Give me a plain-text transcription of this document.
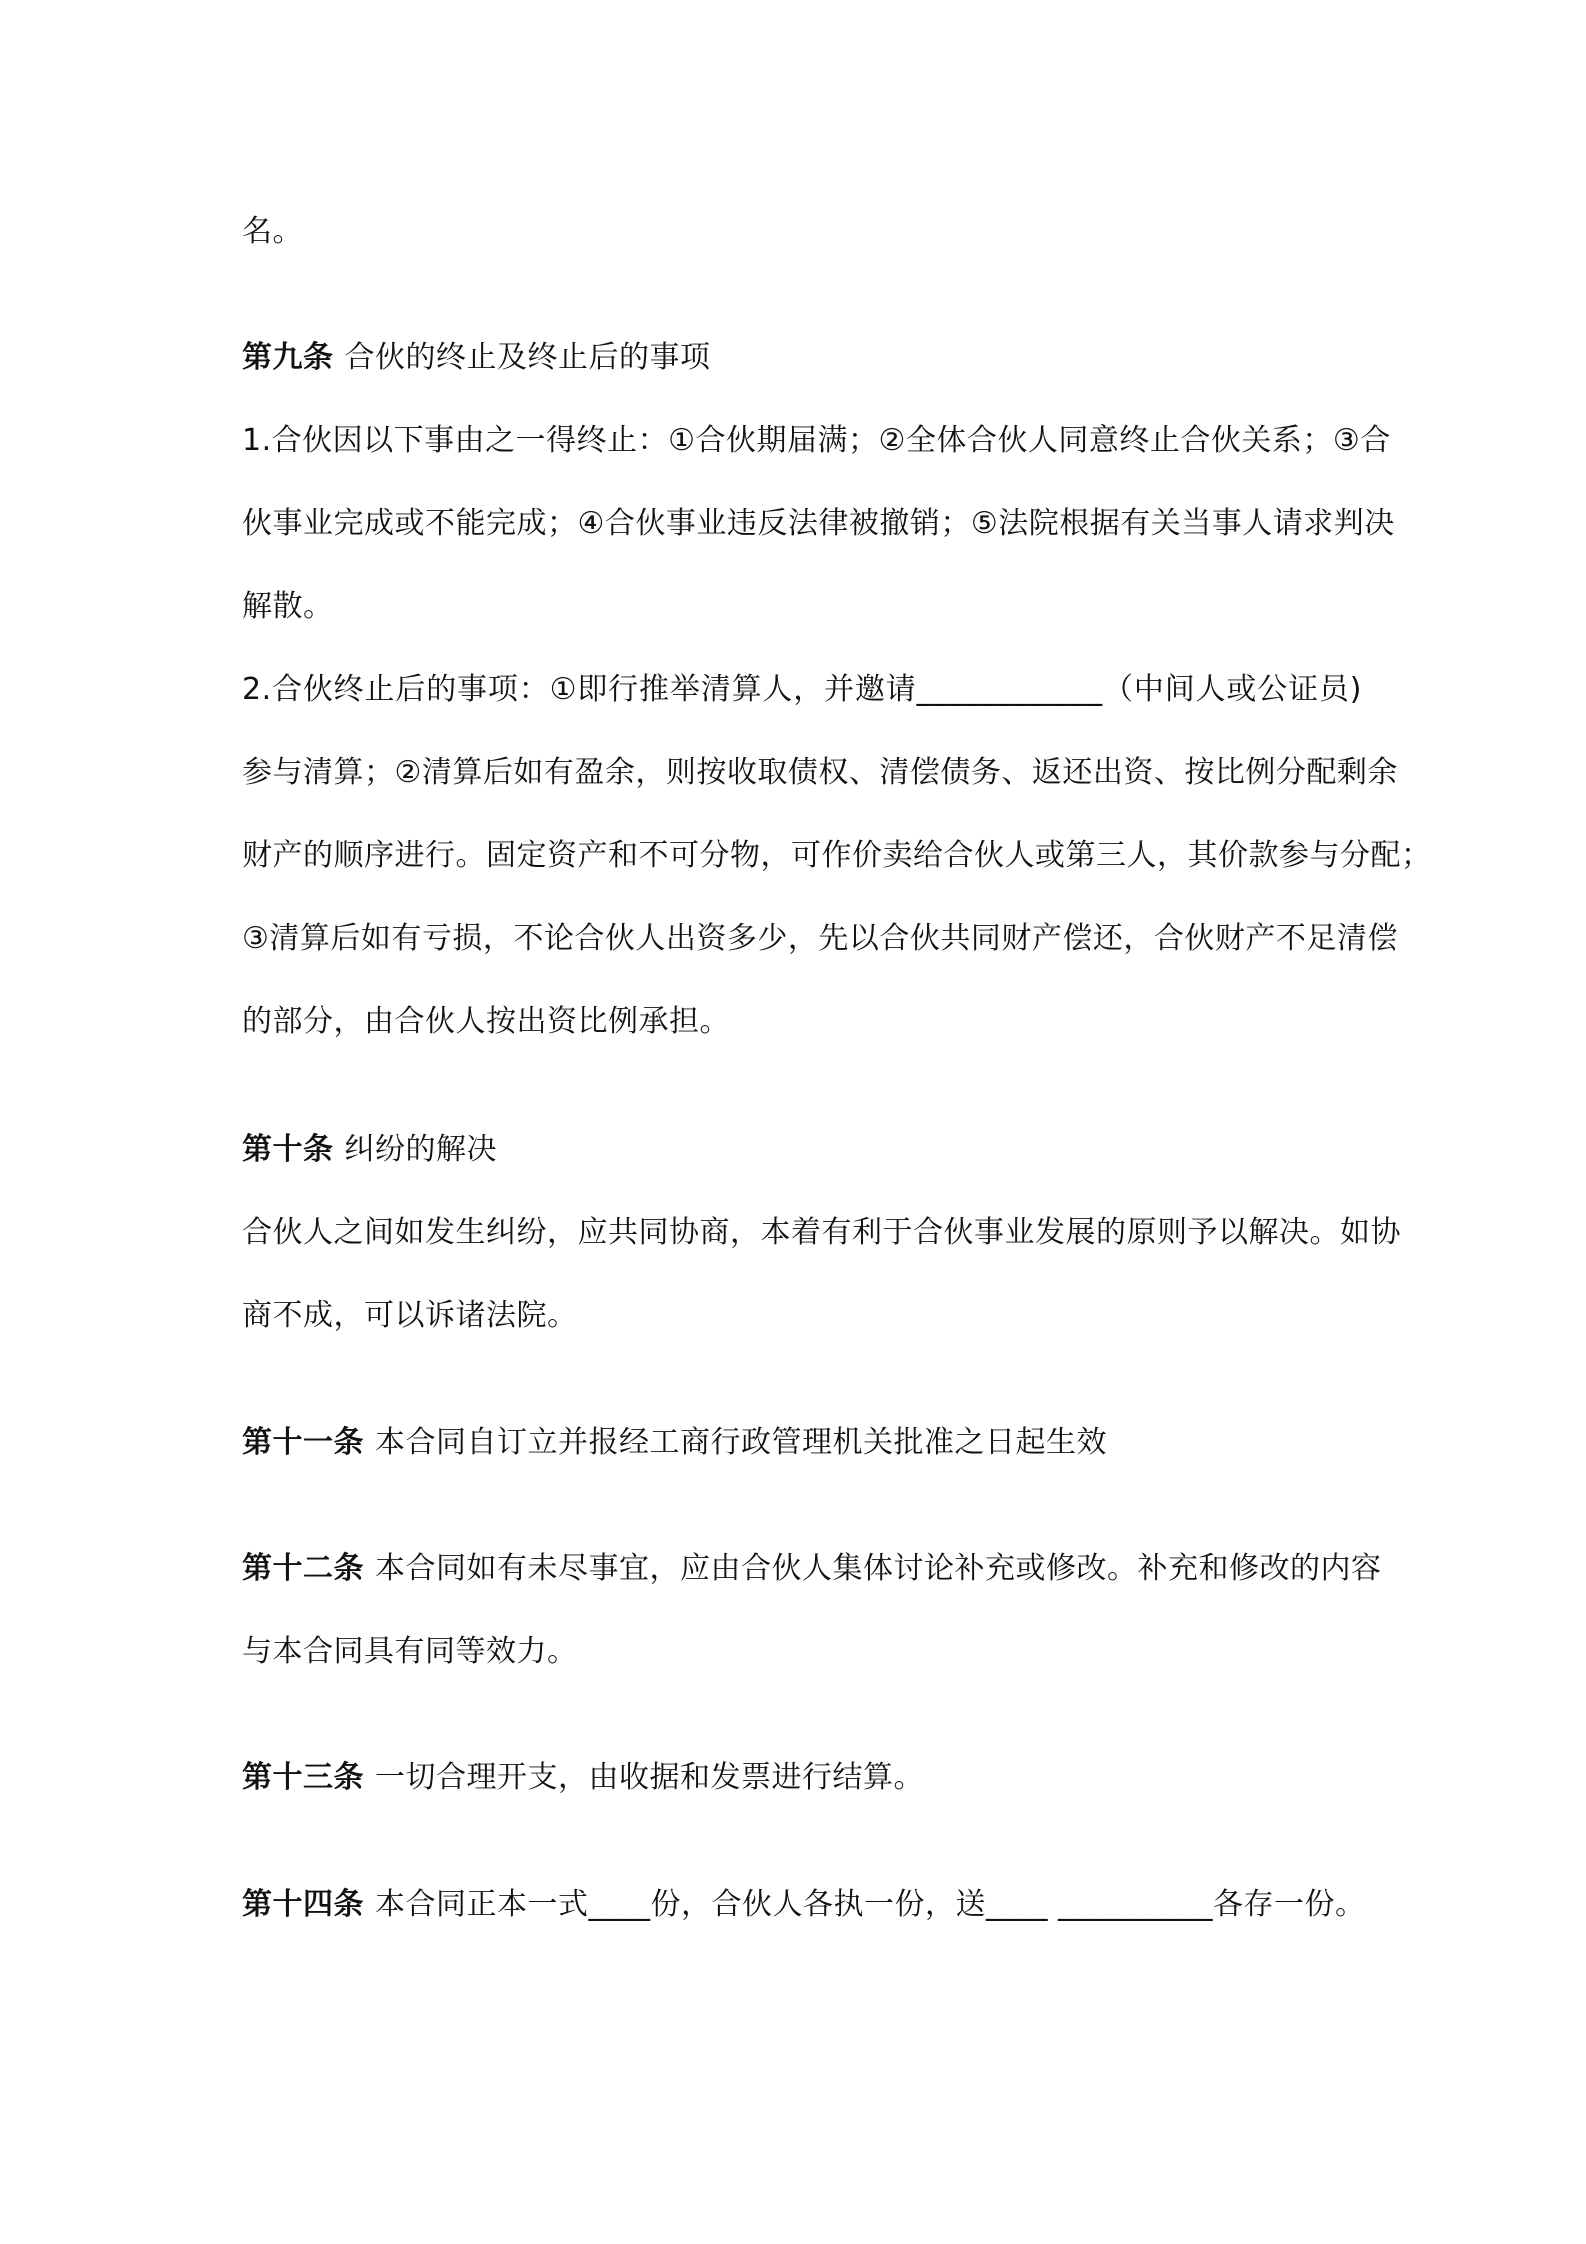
名。
第九条 合伙的终止及终止后的事项
1.合伙因以下事由之一得终止：①合伙期届满；②全体合伙人同意终止合伙关系；③合
伙事业完成或不能完成；④合伙事业违反法律被撤销；⑤法院根据有关当事人请求判决
解散。
2.合伙终止后的事项：①即行推举清算人，并邀请____________（中间人或公证员)
参与清算；②清算后如有盈余，则按收取债权、清偿债务、返还出资、按比例分配剩余
财产的顺序进行。固定资产和不可分物，可作价卖给合伙人或第三人，其价款参与分配；
③清算后如有亏损，不论合伙人出资多少，先以合伙共同财产偿还，合伙财产不足清偿
的部分，由合伙人按出资比例承担。
第十条 纠纷的解决
合伙人之间如发生纠纷，应共同协商，本着有利于合伙事业发展的原则予以解决。如协
商不成，可以诉诸法院。
第十一条 本合同自订立并报经工商行政管理机关批准之日起生效
第十二条 本合同如有未尽事宜，应由合伙人集体讨论补充或修改。补充和修改的内容
与本合同具有同等效力。
第十三条 一切合理开支，由收据和发票进行结算。
第十四条 本合同正本一式____份，合伙人各执一份，送____ __________各存一份。
